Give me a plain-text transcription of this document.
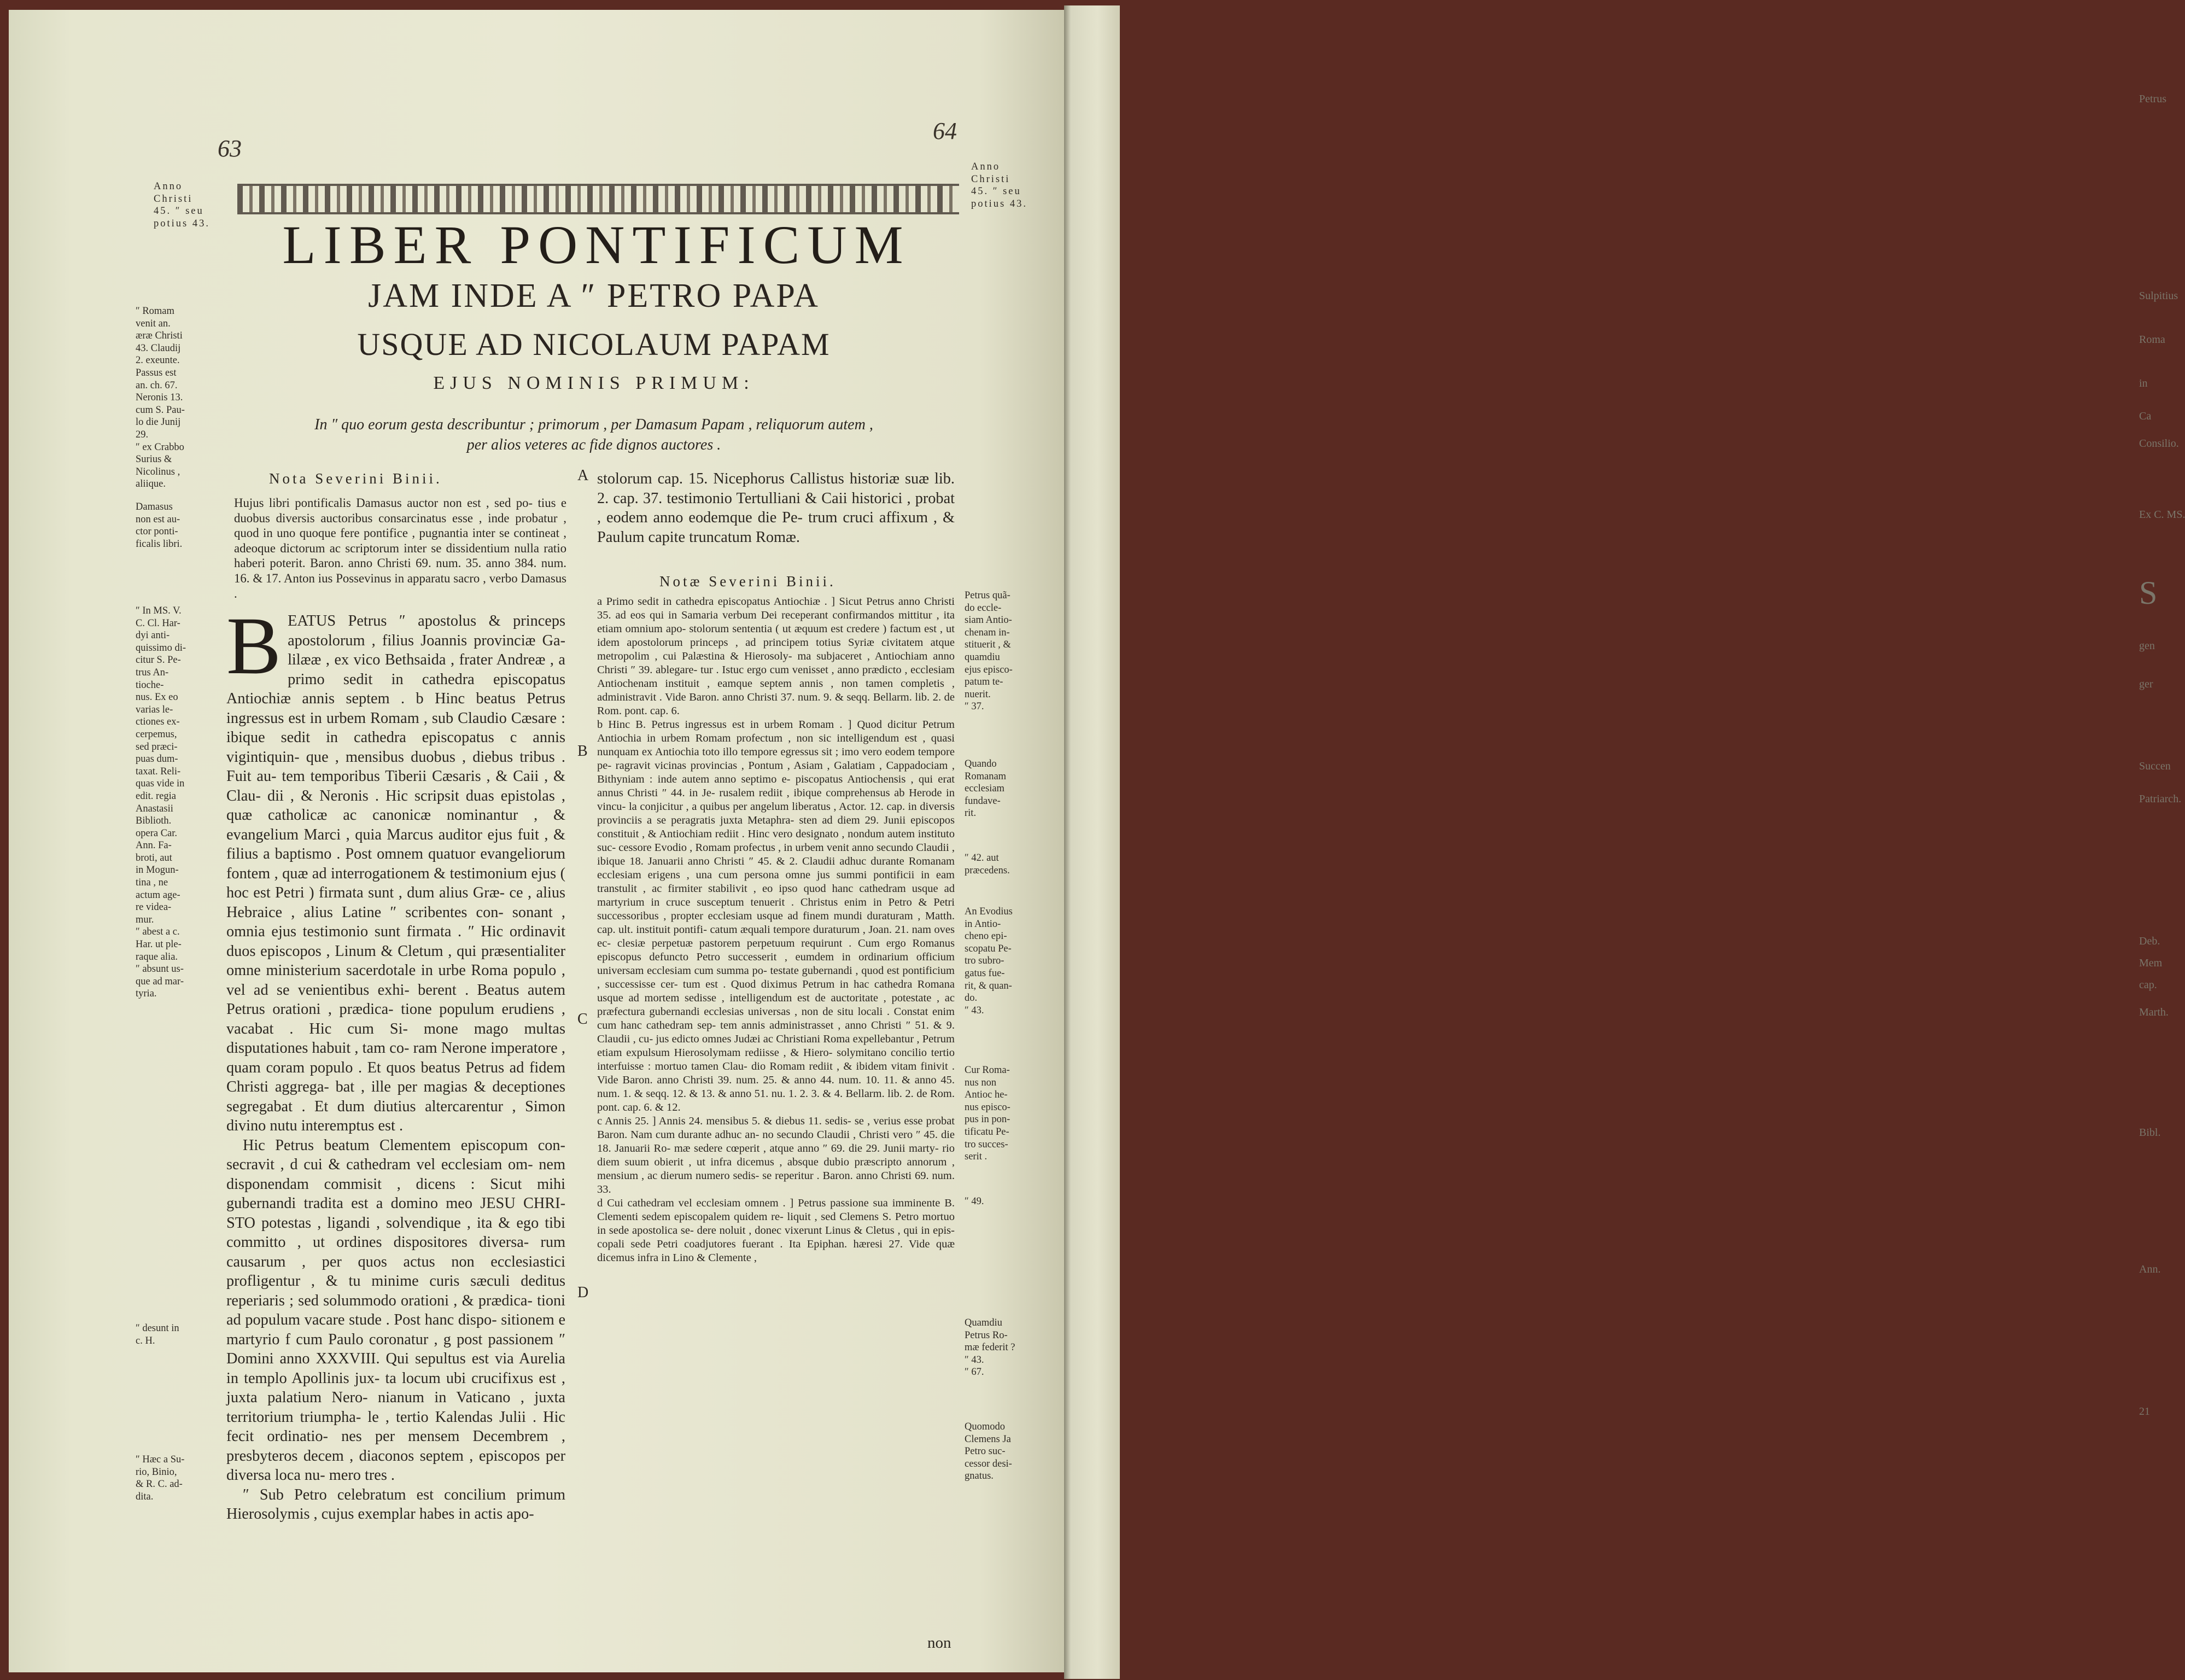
Petrus
Sulpitius
Roma
in
Ca
Consilio.
Ex C. MS.
S
gen
ger
Succen
Patriarch.
Deb.
Mem
cap.
Marth.
Bibl.
Ann.
21
63
64
LIBER PONTIFICUM
JAM INDE A ″ PETRO PAPA
USQUE AD NICOLAUM PAPAM
EJUS NOMINIS PRIMUM:
In ″ quo eorum gesta describuntur ; primorum , per Damasum Papam , reliquorum autem ,
per alios veteres ac fide dignos auctores .
Anno
Christi
45. ″ seu
potius 43.
″ Romam
venit an.
æræ Christi
43. Claudij
2. exeunte.
Passus est
an. ch. 67.
Neronis 13.
cum S. Pau-
lo die Junij
29.
″ ex Crabbo
Surius &
Nicolinus ,
aliique.
Damasus
non est au-
ctor ponti-
ficalis libri.
″ In MS. V.
C. Cl. Har-
dyi anti-
quissimo di-
citur S. Pe-
trus An-
tioche-
nus. Ex eo
varias le-
ctiones ex-
cerpemus,
sed præci-
puas dum-
taxat. Reli-
quas vide in
edit. regia
Anastasii
Biblioth.
opera Car.
Ann. Fa-
broti, aut
in Mogun-
tina , ne
actum age-
re videa-
mur.
″ abest a c.
Har. ut ple-
raque alia.
″ absunt us-
que ad mar-
tyria.
″ desunt in
c. H.
″ Hæc a Su-
rio, Binio,
& R. C. ad-
dita.
Anno
Christi
45. ″ seu
potius 43.
Petrus quã-
do eccle-
siam Antio-
chenam in-
stituerit , &
quamdiu
ejus episco-
patum te-
nuerit.
″ 37.
Quando
Romanam
ecclesiam
fundave-
rit.
″ 42. aut
præcedens.
An Evodius
in Antio-
cheno epi-
scopatu Pe-
tro subro-
gatus fue-
rit, & quan-
do.
″ 43.
Cur Roma-
nus non
Antioc he-
nus episco-
pus in pon-
tificatu Pe-
tro succes-
serit .
″ 49.
Quamdiu
Petrus Ro-
mæ federit ?
″ 43.
″ 67.
Quomodo
Clemens Ja
Petro suc-
cessor desi-
gnatus.
A
B
C
D
Nota Severini Binii.
Hujus libri pontificalis Damasus auctor non est , sed po- tius e duobus diversis auctoribus consarcinatus esse , inde probatur , quod in uno quoque fere pontifice , pugnantia inter se contineat , adeoque dictorum ac scriptorum inter se dissidentium nulla ratio haberi poterit. Baron. anno Christi 69. num. 35. anno 384. num. 16. & 17. Anton ius Possevinus in apparatu sacro , verbo Damasus .
B EATUS Petrus ″ apostolus & princeps apostolorum , filius Joannis provinciæ Ga- lilææ , ex vico Bethsaida , frater Andreæ , a primo sedit in cathedra episcopatus Antiochiæ annis septem . b Hinc beatus Petrus ingressus est in urbem Romam , sub Claudio Cæsare : ibique sedit in cathedra episcopatus c annis vigintiquin- que , mensibus duobus , diebus tribus . Fuit au- tem temporibus Tiberii Cæsaris , & Caii , & Clau- dii , & Neronis . Hic scripsit duas epistolas , quæ catholicæ ac canonicæ nominantur , & evangelium Marci , quia Marcus auditor ejus fuit , & filius a baptismo . Post omnem quatuor evangeliorum fontem , quæ ad interrogationem & testimonium ejus ( hoc est Petri ) firmata sunt , dum alius Græ- ce , alius Hebraice , alius Latine ″ scribentes con- sonant , omnia ejus testimonio sunt firmata . ″ Hic ordinavit duos episcopos , Linum & Cletum , qui præsentialiter omne ministerium sacerdotale in urbe Roma populo , vel ad se venientibus exhi- berent . Beatus autem Petrus orationi , prædica- tione populum erudiens , vacabat . Hic cum Si- mone mago multas disputationes habuit , tam co- ram Nerone imperatore , quam coram populo . Et quos beatus Petrus ad fidem Christi aggrega- bat , ille per magias & deceptiones segregabat . Et dum diutius altercarentur , Simon divino nutu interemptus est .

Hic Petrus beatum Clementem episcopum con- secravit , d cui & cathedram vel ecclesiam om- nem disponendam commisit , dicens : Sicut mihi gubernandi tradita est a domino meo JESU CHRI- STO potestas , ligandi , solvendique , ita & ego tibi committo , ut ordines dispositores diversa- rum causarum , per quos actus non ecclesiastici profligentur , & tu minime curis sæculi deditus reperiaris ; sed solummodo orationi , & prædica- tioni ad populum vacare stude . Post hanc dispo- sitionem e martyrio f cum Paulo coronatur , g post passionem ″ Domini anno XXXVIII. Qui sepultus est via Aurelia in templo Apollinis jux- ta locum ubi crucifixus est , juxta palatium Nero- nianum in Vaticano , juxta territorium triumpha- le , tertio Kalendas Julii . Hic fecit ordinatio- nes per mensem Decembrem , presbyteros decem , diaconos septem , episcopos per diversa loca nu- mero tres .

″ Sub Petro celebratum est concilium primum Hierosolymis , cujus exemplar habes in actis apo-

stolorum cap. 15. Nicephorus Callistus historiæ suæ lib. 2. cap. 37. testimonio Tertulliani & Caii historici , probat , eodem anno eodemque die Pe- trum cruci affixum , & Paulum capite truncatum Romæ.
Notæ Severini Binii.

a Primo sedit in cathedra episcopatus Antiochiæ . ] Sicut Petrus anno Christi 35. ad eos qui in Samaria verbum Dei receperant confirmandos mittitur , ita etiam omnium apo- stolorum sententia ( ut æquum est credere ) factum est , ut idem apostolorum princeps , ad principem totius Syriæ civitatem atque metropolim , cui Palæstina & Hierosoly- ma subjaceret , Antiochiam anno Christi ″ 39. ablegare- tur . Istuc ergo cum venisset , anno prædicto , ecclesiam Antiochenam instituit , eamque septem annis , non tamen completis , administravit . Vide Baron. anno Christi 37. num. 9. & seqq. Bellarm. lib. 2. de Rom. pont. cap. 6.

b Hinc B. Petrus ingressus est in urbem Romam . ] Quod dicitur Petrum Antiochia in urbem Romam profectum , non sic intelligendum est , quasi nunquam ex Antiochia toto illo tempore egressus sit ; imo vero eodem tempore pe- ragravit vicinas provincias , Pontum , Asiam , Galatiam , Cappadociam , Bithyniam : inde autem anno septimo e- piscopatus Antiochensis , qui erat annus Christi ″ 44. in Je- rusalem rediit , ibique comprehensus ab Herode in vincu- la conjicitur , a quibus per angelum liberatus , Actor. 12. cap. in diversis provinciis a se peragratis juxta Metaphra- sten ad diem 29. Junii episcopos constituit , & Antiochiam rediit . Hinc vero designato , nondum autem instituto suc- cessore Evodio , Romam profectus , in urbem venit anno secundo Claudii , ibique 18. Januarii anno Christi ″ 45. & 2. Claudii adhuc durante Romanam ecclesiam erigens , una cum persona omne jus summi pontificii in eam transtulit , ac firmiter stabilivit , eo ipso quod hanc cathedram usque ad martyrium in cruce susceptum tenuerit . Christus enim in Petro & Petri successoribus , propter ecclesiam usque ad finem mundi duraturam , Matth. cap. ult. instituit pontifi- catum æquali tempore duraturum , Joan. 21. nam oves ec- clesiæ perpetuæ pastorem perpetuum requirunt . Cum ergo Romanus episcopus defuncto Petro successerit , eumdem in ordinarium officium universam ecclesiam cum summa po- testate gubernandi , quod est pontificium , successisse cer- tum est . Quod diximus Petrum in hac cathedra Romana usque ad mortem sedisse , intelligendum est de auctoritate , potestate , ac præfectura gubernandi ecclesias universas , non de situ locali . Constat enim cum hanc cathedram sep- tem annis administrasset , anno Christi ″ 51. & 9. Claudii , cu- jus edicto omnes Judæi ac Christiani Roma expellebantur , Petrum etiam expulsum Hierosolymam rediisse , & Hiero- solymitano concilio tertio interfuisse : mortuo tamen Clau- dio Romam rediit , & ibidem vitam finivit . Vide Baron. anno Christi 39. num. 25. & anno 44. num. 10. 11. & anno 45. num. 1. & seqq. 12. & 13. & anno 51. nu. 1. 2. 3. & 4. Bellarm. lib. 2. de Rom. pont. cap. 6. & 12.

c Annis 25. ] Annis 24. mensibus 5. & diebus 11. sedis- se , verius esse probat Baron. Nam cum durante adhuc an- no secundo Claudii , Christi vero ″ 45. die 18. Januarii Ro- mæ sedere cœperit , atque anno ″ 69. die 29. Junii marty- rio diem suum obierit , ut infra dicemus , absque dubio præscripto annorum , mensium , ac dierum numero sedis- se reperitur . Baron. anno Christi 69. num. 33.

d Cui cathedram vel ecclesiam omnem . ] Petrus passione sua imminente B. Clementi sedem episcopalem quidem re- liquit , sed Clemens S. Petro mortuo in sede apostolica se- dere noluit , donec vixerunt Linus & Cletus , qui in epis- copali sede Petri coadjutores fuerant . Ita Epiphan. hæresi 27. Vide quæ dicemus infra in Lino & Clemente ,

non
